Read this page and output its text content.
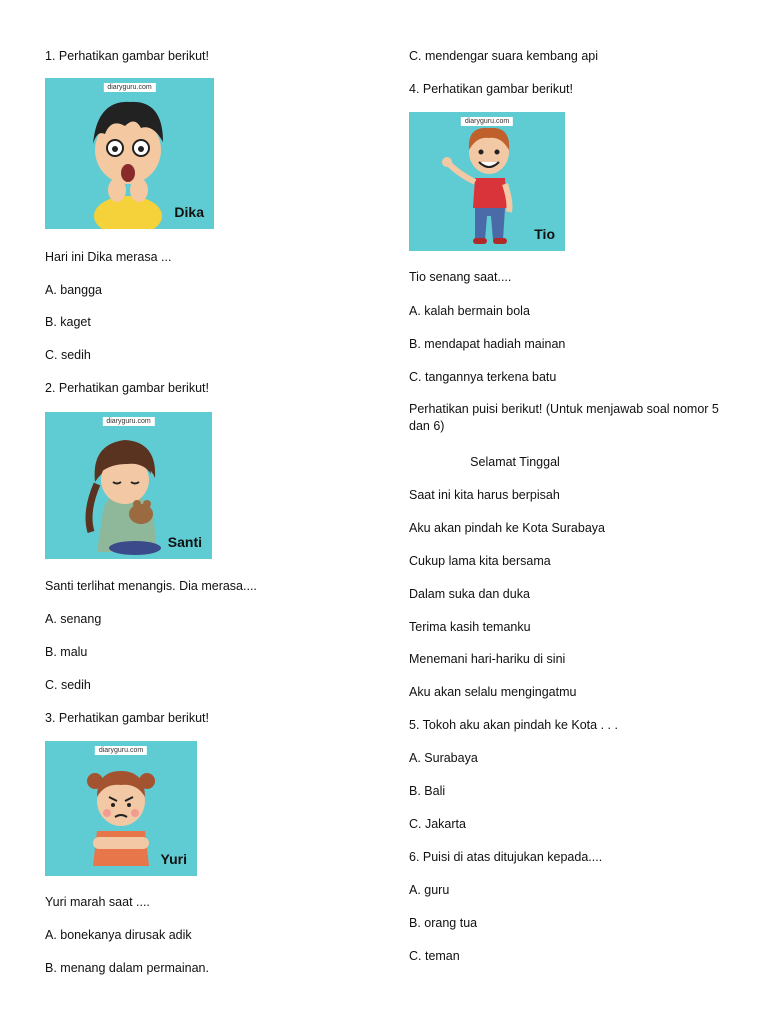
1. Perhatikan gambar berikut!
diaryguru.com
Dika
Hari ini Dika merasa ...
A. bangga
B. kaget
C. sedih
2. Perhatikan gambar berikut!
diaryguru.com
Santi
Santi terlihat menangis. Dia merasa....
A. senang
B. malu
C. sedih
3. Perhatikan gambar berikut!
diaryguru.com
Yuri
Yuri marah saat ....
A. bonekanya dirusak adik
B. menang dalam permainan.
C. mendengar suara kembang api
4. Perhatikan gambar berikut!
diaryguru.com
Tio
Tio senang saat....
A. kalah bermain bola
B. mendapat hadiah mainan
C. tangannya terkena batu
Perhatikan puisi berikut! (Untuk menjawab soal nomor 5 dan 6)
Selamat Tinggal
Saat ini kita harus berpisah
Aku akan pindah ke Kota Surabaya
Cukup lama kita bersama
Dalam suka dan duka
Terima kasih temanku
Menemani hari-hariku di sini
Aku akan selalu mengingatmu
5. Tokoh aku akan pindah ke Kota . . .
A. Surabaya
B. Bali
C. Jakarta
6. Puisi di atas ditujukan kepada....
A. guru
B. orang tua
C. teman
